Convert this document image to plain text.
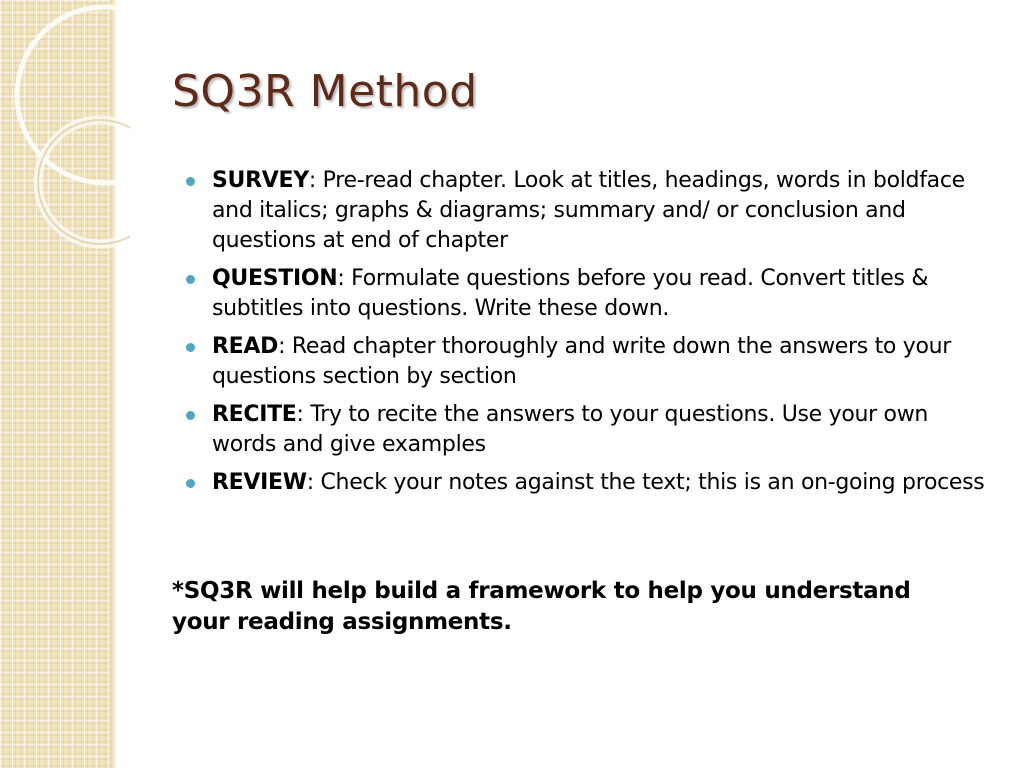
SQ3R Method
SURVEY: Pre-read chapter. Look at titles, headings, words in boldface and italics; graphs & diagrams; summary and/ or conclusion and questions at end of chapter
QUESTION: Formulate questions before you read. Convert titles & subtitles into questions. Write these down.
READ: Read chapter thoroughly and write down the answers to your questions section by section
RECITE: Try to recite the answers to your questions. Use your own words and give examples
REVIEW: Check your notes against the text; this is an on-going process

*SQ3R will help build a framework to help you understand your reading assignments.
